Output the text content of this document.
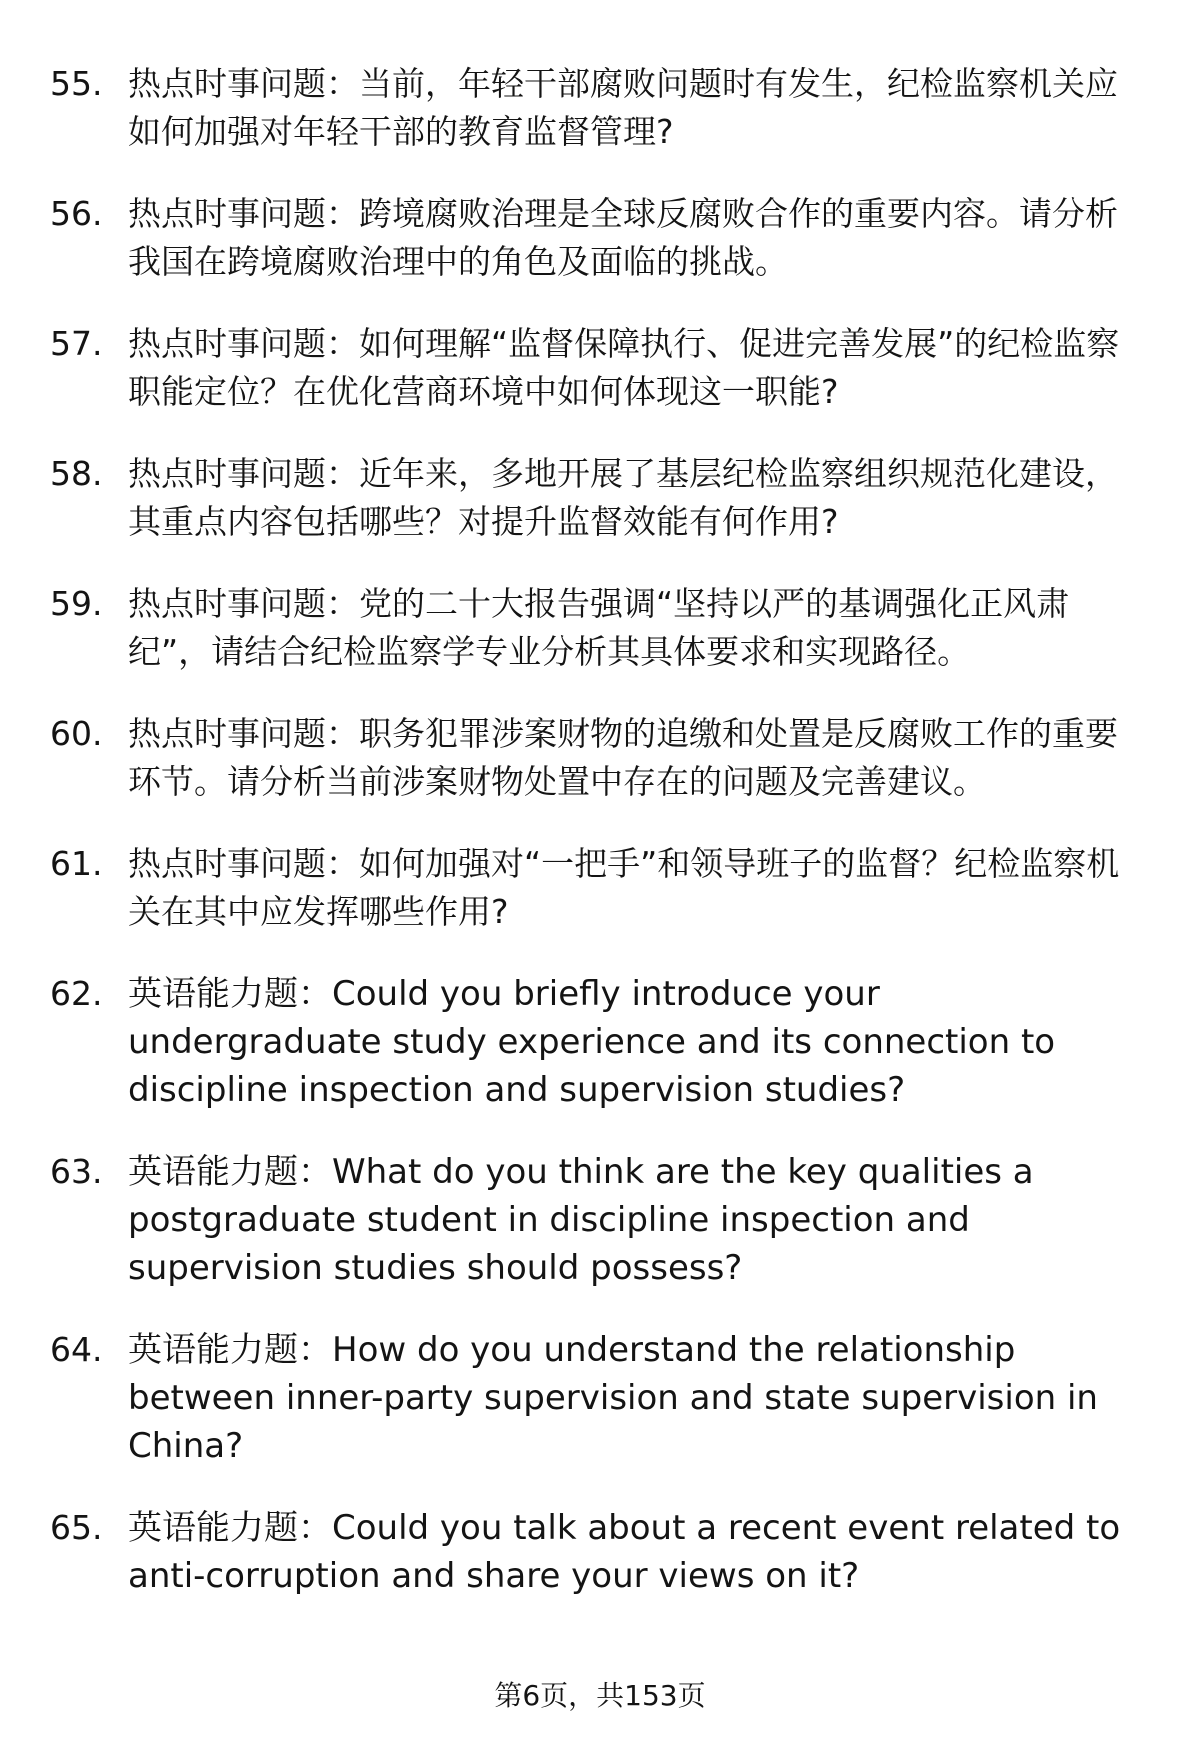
55. 热点时事问题：当前，年轻干部腐败问题时有发生，纪检监察机关应如何加强对年轻干部的教育监督管理?
56. 热点时事问题：跨境腐败治理是全球反腐败合作的重要内容。请分析我国在跨境腐败治理中的角色及面临的挑战。
57. 热点时事问题：如何理解“监督保障执行、促进完善发展”的纪检监察职能定位？在优化营商环境中如何体现这一职能?
58. 热点时事问题：近年来，多地开展了基层纪检监察组织规范化建设，其重点内容包括哪些？对提升监督效能有何作用?
59. 热点时事问题：党的二十大报告强调“坚持以严的基调强化正风肃纪”，请结合纪检监察学专业分析其具体要求和实现路径。
60. 热点时事问题：职务犯罪涉案财物的追缴和处置是反腐败工作的重要环节。请分析当前涉案财物处置中存在的问题及完善建议。
61. 热点时事问题：如何加强对“一把手”和领导班子的监督？纪检监察机关在其中应发挥哪些作用?
62. 英语能力题：Could you briefly introduce your undergraduate study experience and its connection to discipline inspection and supervision studies?
63. 英语能力题：What do you think are the key qualities a postgraduate student in discipline inspection and supervision studies should possess?
64. 英语能力题：How do you understand the relationship between inner-party supervision and state supervision in China?
65. 英语能力题：Could you talk about a recent event related to anti-corruption and share your views on it?
第6页，共153页
